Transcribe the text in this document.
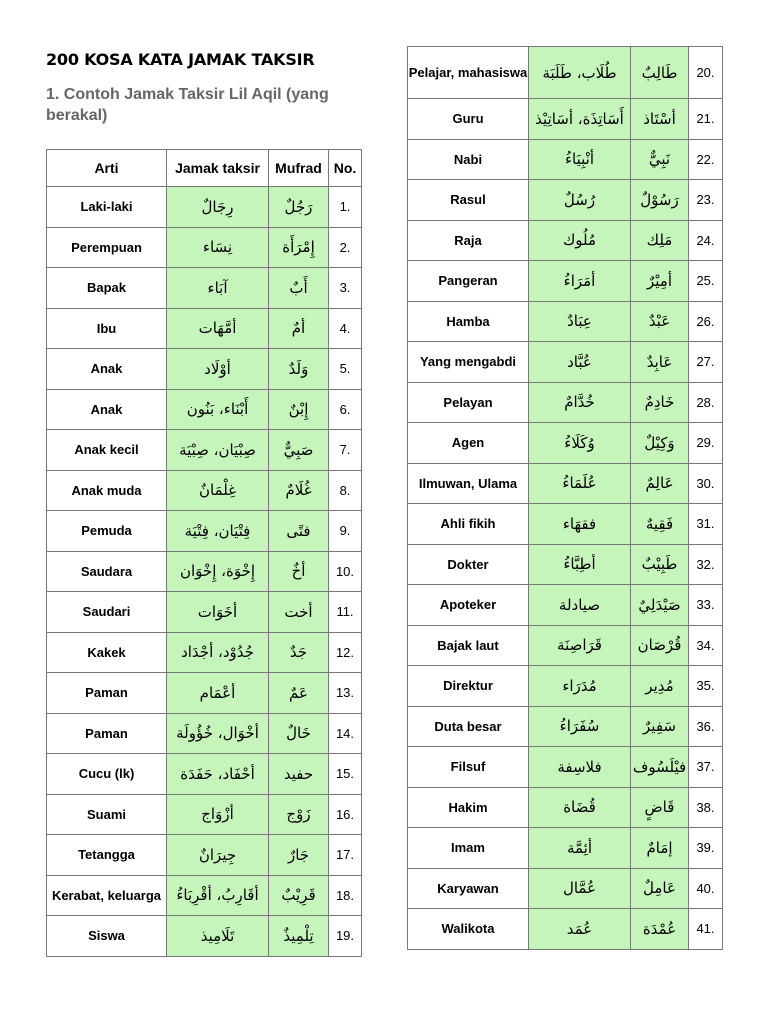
200 KOSA KATA JAMAK TAKSIR
1. Contoh Jamak Taksir Lil Aqil (yang berakal)
Arti	Jamak taksir	Mufrad	No.
Laki-laki	رِجَالٌ	رَجُلٌ	1.
Perempuan	نِسَاء	إِمْرَأَة	2.
Bapak	آبَاء	أَبٌ	3.
Ibu	أمَّهَات	أمٌ	4.
Anak	أوْلَاد	وَلَدٌ	5.
Anak	أَبْنَاء، بَنُون	إِبْنٌ	6.
Anak kecil	صِبْيَان، صِبْيَة	صَبِيٌّ	7.
Anak muda	غِلْمَانٌ	غُلَامٌ	8.
Pemuda	فِتْيَان، فِتْيَة	فتًى	9.
Saudara	إِخْوَة، إِخْوَان	أخٌ	10.
Saudari	أخَوَات	أخت	11.
Kakek	جُدُوْد، أجْدَاد	جَدٌ	12.
Paman	أعْمَام	عَمٌ	13.
Paman	أخْوَال، خُؤُولَة	خَالٌ	14.
Cucu (lk)	أحْفَاد، حَفَدَة	حفيد	15.
Suami	أزْوَاج	زَوْج	16.
Tetangga	جِيرَانٌ	جَارٌ	17.
Kerabat, keluarga	أقَارِبُ، أقْرِبَاءُ	قَرِيْبٌ	18.
Siswa	تَلَامِيذ	تِلْمِيذٌ	19.
Pelajar, mahasiswa	طُلَاب، طَلَبَة	طَالِبٌ	20.
Guru	أَسَاتِذَة، أسَاتِيْذ	أسْتَاذ	21.
Nabi	أنْبِيَاءُ	نَبِيٌّ	22.
Rasul	رُسُلٌ	رَسُوْلٌ	23.
Raja	مُلُوك	مَلِك	24.
Pangeran	أمَرَاءُ	أمِيْرٌ	25.
Hamba	عِبَادٌ	عَبْدٌ	26.
Yang mengabdi	عُبَّاد	عَابِدٌ	27.
Pelayan	خُدَّامٌ	خَادِمٌ	28.
Agen	وُكَلَاءُ	وَكِيْلٌ	29.
Ilmuwan, Ulama	عُلَمَاءُ	عَالِمٌ	30.
Ahli fikih	فقهَاء	فَقِيهٌ	31.
Dokter	أطِبَّاءُ	طَبِيْبٌ	32.
Apoteker	صيادلة	صَيْدَلِيٌ	33.
Bajak laut	قَرَاصِنَة	قُرْصَان	34.
Direktur	مُدَرَاء	مُدِير	35.
Duta besar	سُفَرَاءُ	سَفِيرٌ	36.
Filsuf	فلاسِفة	فيْلَسُوف	37.
Hakim	قُضَاة	قَاضٍ	38.
Imam	أئِمَّة	إمَامٌ	39.
Karyawan	عُمَّال	عَامِلٌ	40.
Walikota	عُمَد	عُمْدَة	41.
